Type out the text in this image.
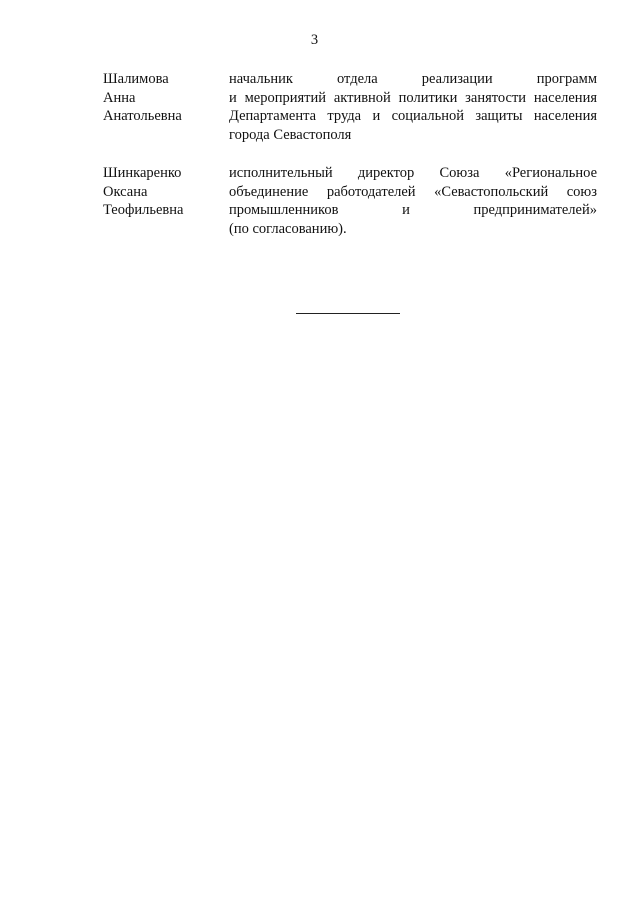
3
Шалимова
Анна
Анатольевна
начальник отдела реализации программ
и мероприятий активной политики занятости населения
Департамента труда и социальной защиты населения
города Севастополя
Шинкаренко
Оксана
Теофильевна
исполнительный директор Союза «Региональное
объединение работодателей «Севастопольский союз
промышленников и предпринимателей»
(по согласованию).
